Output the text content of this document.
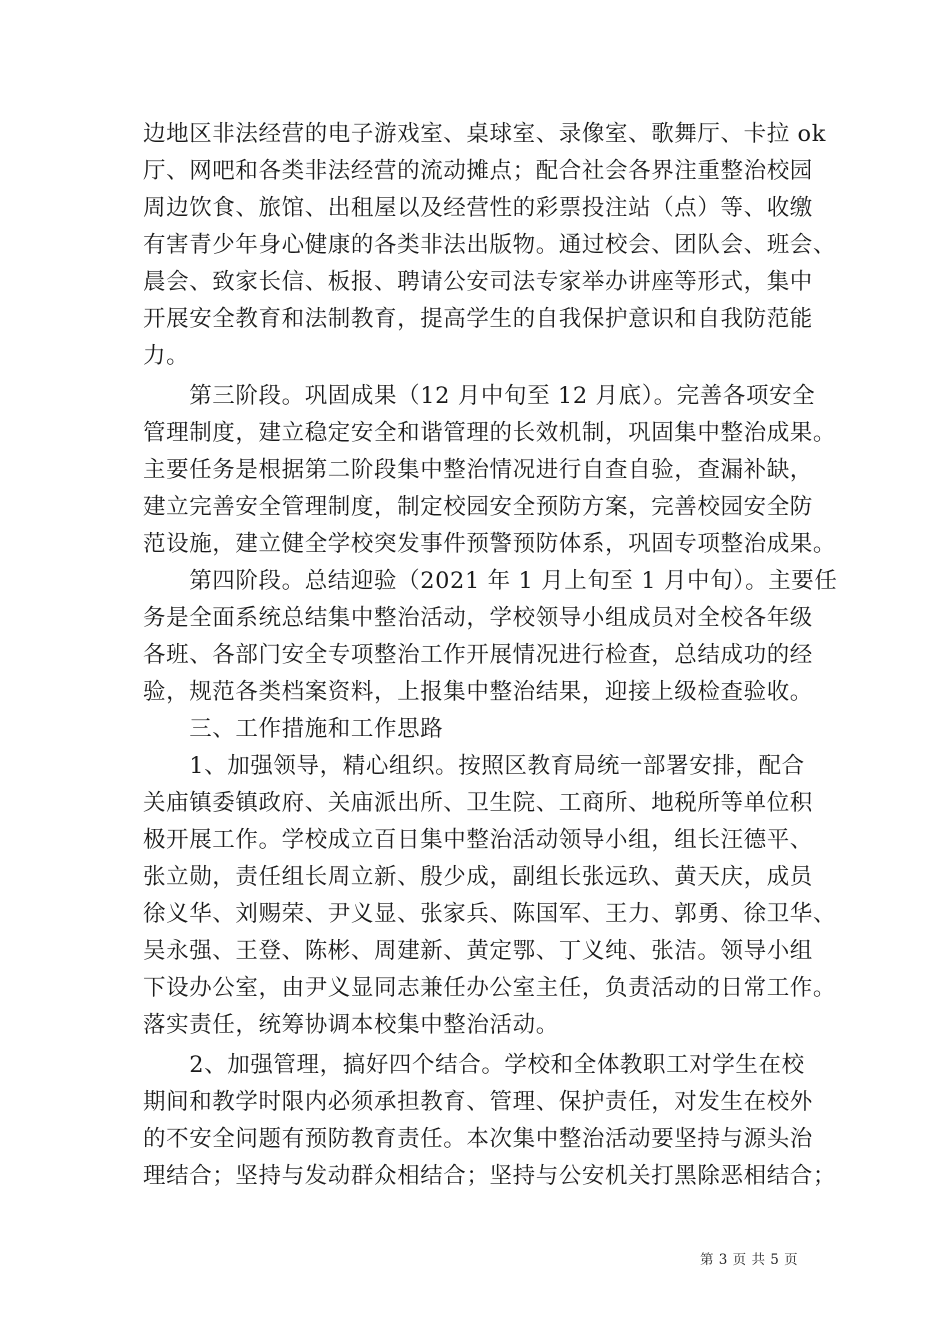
边地区非法经营的电子游戏室、桌球室、录像室、歌舞厅、卡拉 ok
厅、网吧和各类非法经营的流动摊点；配合社会各界注重整治校园
周边饮食、旅馆、出租屋以及经营性的彩票投注站（点）等、收缴
有害青少年身心健康的各类非法出版物。通过校会、团队会、班会、
晨会、致家长信、板报、聘请公安司法专家举办讲座等形式，集中
开展安全教育和法制教育，提高学生的自我保护意识和自我防范能
力。
　　第三阶段。巩固成果（12 月中旬至 12 月底）。完善各项安全
管理制度，建立稳定安全和谐管理的长效机制，巩固集中整治成果。
主要任务是根据第二阶段集中整治情况进行自查自验，查漏补缺，
建立完善安全管理制度，制定校园安全预防方案，完善校园安全防
范设施，建立健全学校突发事件预警预防体系，巩固专项整治成果。
　　第四阶段。总结迎验（2021 年 1 月上旬至 1 月中旬）。主要任
务是全面系统总结集中整治活动，学校领导小组成员对全校各年级
各班、各部门安全专项整治工作开展情况进行检查，总结成功的经
验，规范各类档案资料，上报集中整治结果，迎接上级检查验收。
　　三、工作措施和工作思路
　　1、加强领导，精心组织。按照区教育局统一部署安排，配合
关庙镇委镇政府、关庙派出所、卫生院、工商所、地税所等单位积
极开展工作。学校成立百日集中整治活动领导小组，组长汪德平、
张立勋，责任组长周立新、殷少成，副组长张远玖、黄天庆，成员
徐义华、刘赐荣、尹义显、张家兵、陈国军、王力、郭勇、徐卫华、
吴永强、王登、陈彬、周建新、黄定鄂、丁义纯、张洁。领导小组
下设办公室，由尹义显同志兼任办公室主任，负责活动的日常工作。
落实责任，统筹协调本校集中整治活动。
　　2、加强管理，搞好四个结合。学校和全体教职工对学生在校
期间和教学时限内必须承担教育、管理、保护责任，对发生在校外
的不安全问题有预防教育责任。本次集中整治活动要坚持与源头治
理结合；坚持与发动群众相结合；坚持与公安机关打黑除恶相结合；
第 3 页 共 5 页
